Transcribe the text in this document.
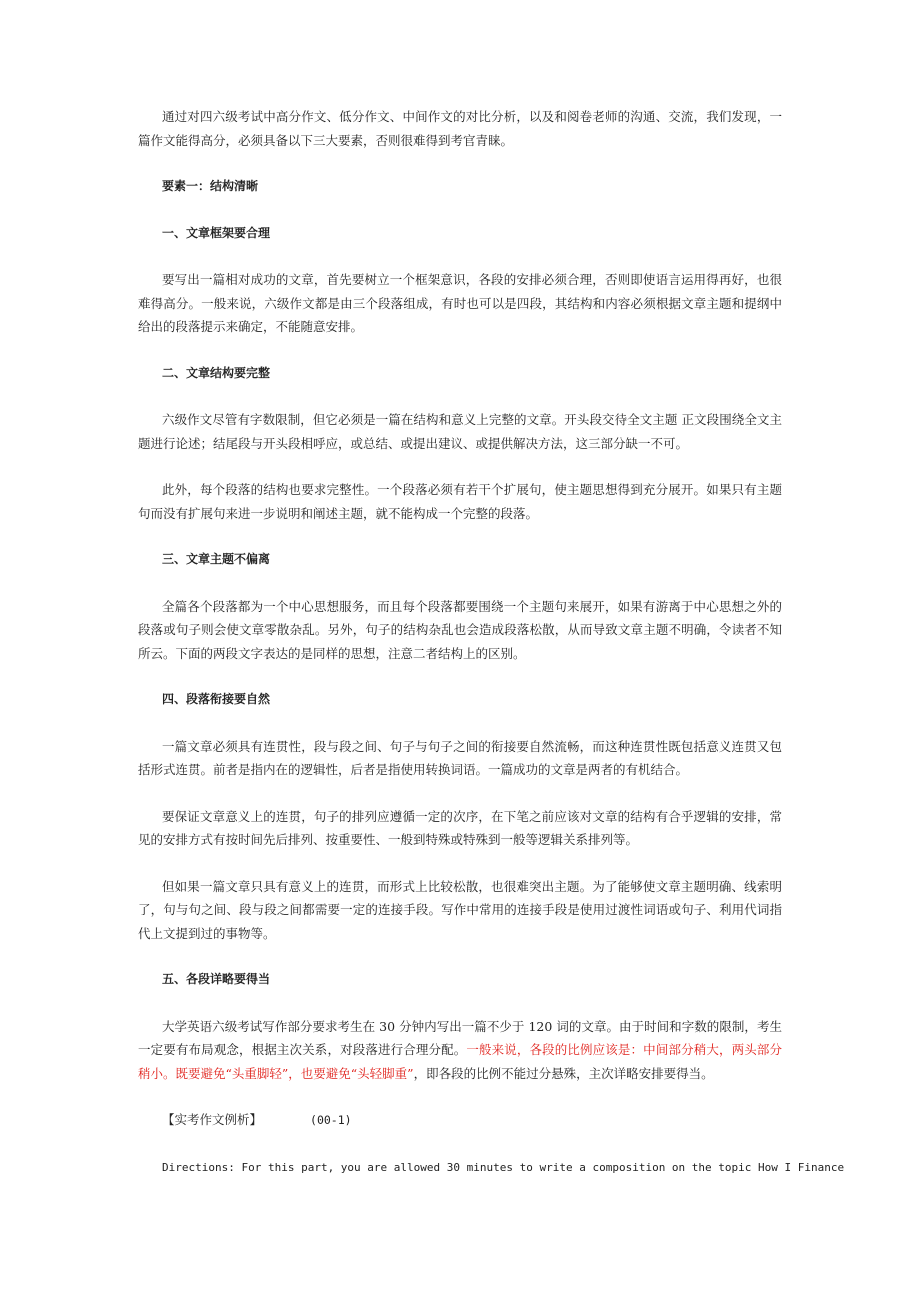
通过对四六级考试中高分作文、低分作文、中间作文的对比分析，以及和阅卷老师的沟通、交流，我们发现，一篇作文能得高分，必须具备以下三大要素，否则很难得到考官青睐。

要素一：结构清晰

一、文章框架要合理

要写出一篇相对成功的文章，首先要树立一个框架意识，各段的安排必须合理，否则即使语言运用得再好，也很难得高分。一般来说，六级作文都是由三个段落组成，有时也可以是四段，其结构和内容必须根据文章主题和提纲中给出的段落提示来确定，不能随意安排。

二、文章结构要完整

六级作文尽管有字数限制，但它必须是一篇在结构和意义上完整的文章。开头段交待全文主题 正文段围绕全文主题进行论述；结尾段与开头段相呼应，或总结、或提出建议、或提供解决方法，这三部分缺一不可。

此外，每个段落的结构也要求完整性。一个段落必须有若干个扩展句，使主题思想得到充分展开。如果只有主题句而没有扩展句来进一步说明和阐述主题，就不能构成一个完整的段落。

三、文章主题不偏离

全篇各个段落都为一个中心思想服务，而且每个段落都要围绕一个主题句来展开，如果有游离于中心思想之外的段落或句子则会使文章零散杂乱。另外，句子的结构杂乱也会造成段落松散，从而导致文章主题不明确，令读者不知所云。下面的两段文字表达的是同样的思想，注意二者结构上的区别。

四、段落衔接要自然

一篇文章必须具有连贯性，段与段之间、句子与句子之间的衔接要自然流畅，而这种连贯性既包括意义连贯又包括形式连贯。前者是指内在的逻辑性，后者是指使用转换词语。一篇成功的文章是两者的有机结合。

要保证文章意义上的连贯，句子的排列应遵循一定的次序，在下笔之前应该对文章的结构有合乎逻辑的安排，常见的安排方式有按时间先后排列、按重要性、一般到特殊或特殊到一般等逻辑关系排列等。

但如果一篇文章只具有意义上的连贯，而形式上比较松散，也很难突出主题。为了能够使文章主题明确、线索明了，句与句之间、段与段之间都需要一定的连接手段。写作中常用的连接手段是使用过渡性词语或句子、利用代词指代上文提到过的事物等。

五、各段详略要得当

大学英语六级考试写作部分要求考生在 30 分钟内写出一篇不少于 120 词的文章。由于时间和字数的限制，考生一定要有布局观念，根据主次关系，对段落进行合理分配。一般来说，各段的比例应该是：中间部分稍大，两头部分稍小。既要避免“头重脚轻”，也要避免“头轻脚重”，即各段的比例不能过分悬殊，主次详略安排要得当。

【实考作文例析】	(00-1)

Directions: For this part, you are allowed 30 minutes to write a composition on the topic How I Finance
